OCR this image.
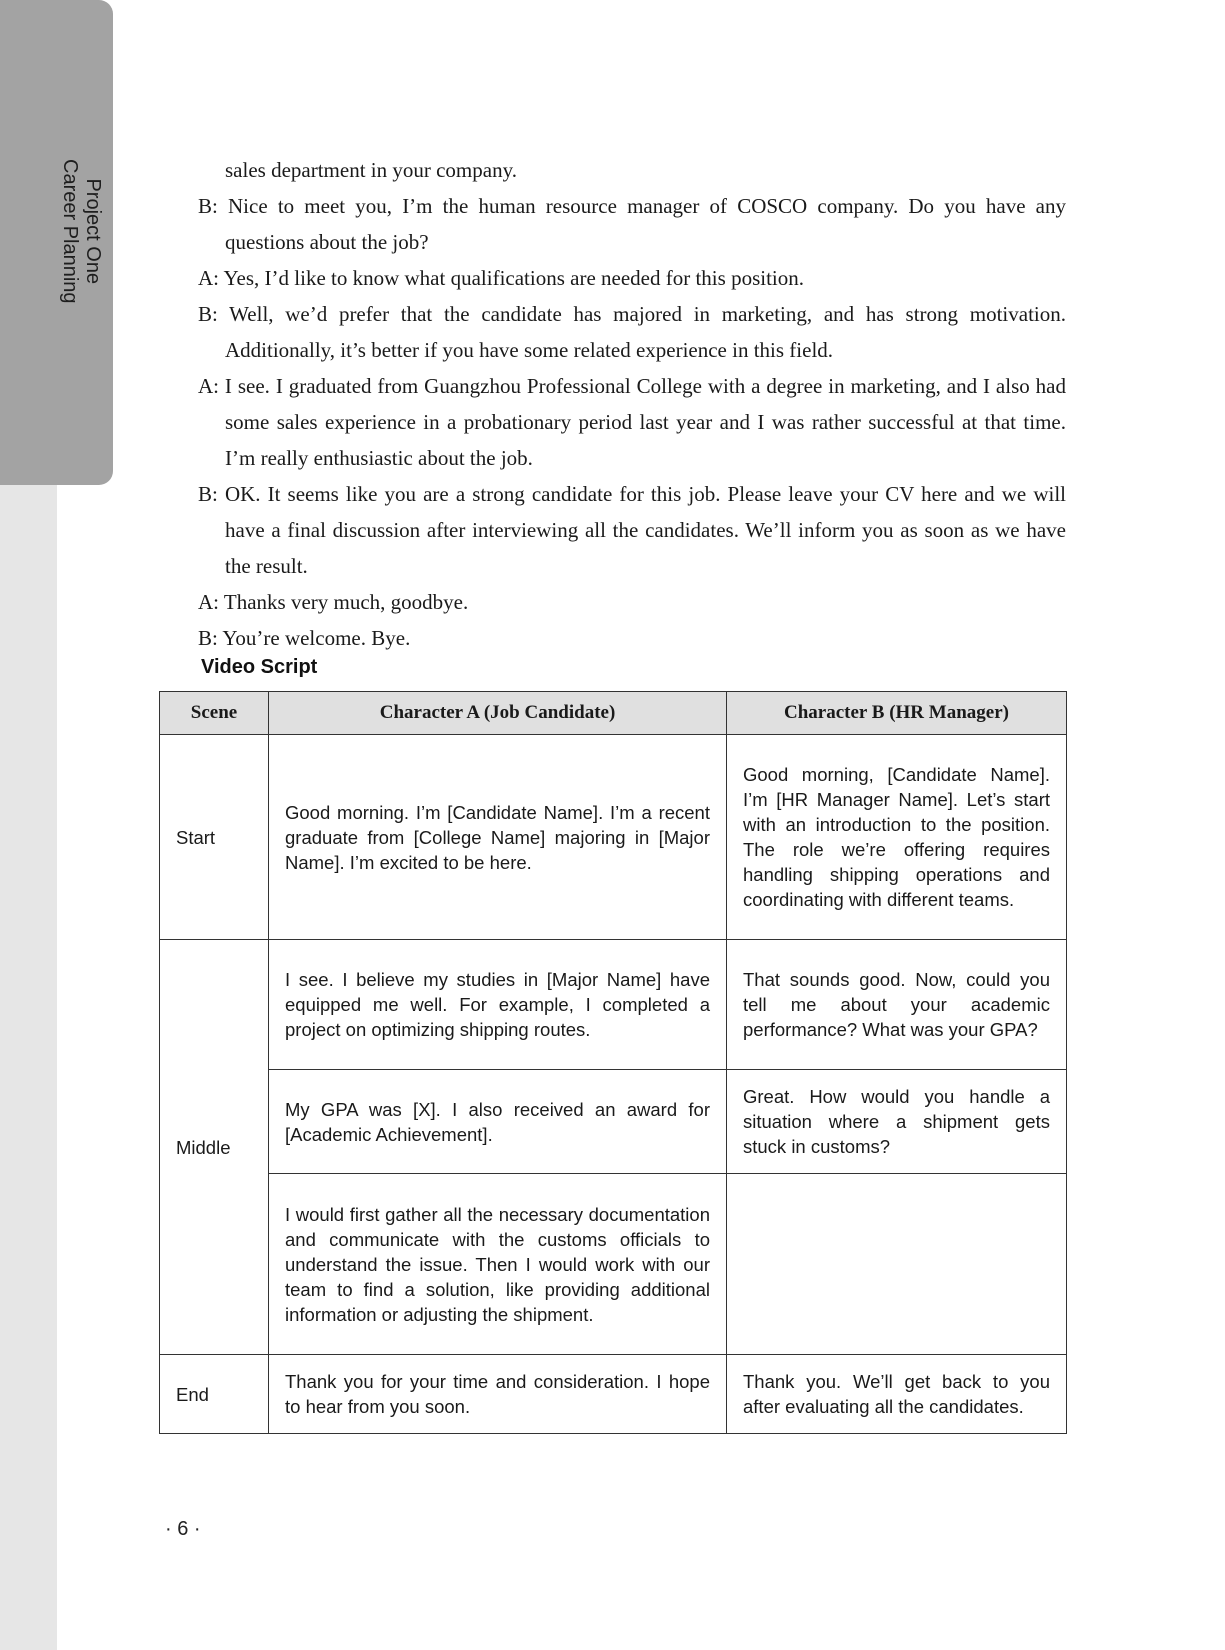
Project One
Career Planning	sales department in your company.
B: Nice to meet you, I’m the human resource manager of COSCO company. Do you have any questions about the job?
A: Yes, I’d like to know what qualifications are needed for this position.
B: Well, we’d prefer that the candidate has majored in marketing, and has strong motivation. Additionally, it’s better if you have some related experience in this field.
A: I see. I graduated from Guangzhou Professional College with a degree in marketing, and I also had some sales experience in a probationary period last year and I was rather successful at that time. I’m really enthusiastic about the job.
B: OK. It seems like you are a strong candidate for this job. Please leave your CV here and we will have a final discussion after interviewing all the candidates. We’ll inform you as soon as we have the result.
A: Thanks very much, goodbye.
B: You’re welcome. Bye.
Video Script
Scene	Character A (Job Candidate)	Character B (HR Manager)
Start	Good morning. I’m [Candidate Name]. I’m a recent graduate from [College Name] majoring in [Major Name]. I’m excited to be here.	Good morning, [Candidate Name]. I’m [HR Manager Name]. Let’s start with an introduction to the position. The role we’re offering requires handling shipping operations and coordinating with different teams.
Middle	I see. I believe my studies in [Major Name] have equipped me well. For example, I completed a project on optimizing shipping routes.	That sounds good. Now, could you tell me about your academic performance? What was your GPA?
	My GPA was [X]. I also received an award for [Academic Achievement].	Great. How would you handle a situation where a shipment gets stuck in customs?
	I would first gather all the necessary documentation and communicate with the customs officials to understand the issue. Then I would work with our team to find a solution, like providing additional information or adjusting the shipment.	
End	Thank you for your time and consideration. I hope to hear from you soon.	Thank you. We’ll get back to you after evaluating all the candidates.
· 6 ·
